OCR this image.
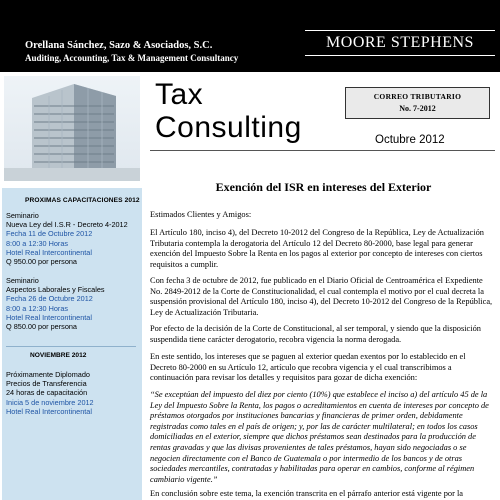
Orellana Sánchez, Sazo & Asociados, S.C.
Auditing, Accounting, Tax & Management Consultancy
MOORE STEPHENS
Tax
Consulting	Octubre 2012
CORREO TRIBUTARIO
No. 7-2012
PROXIMAS CAPACITACIONES 2012
Seminario
Nueva Ley del I.S.R - Decreto 4-2012
Fecha 11 de Octubre 2012
8:00 a 12:30 Horas
Hotel Real Intercontinental
Q 950.00 por persona
Seminario
Aspectos Laborales y Fiscales
Fecha 26 de Octubre 2012
8:00 a 12:30 Horas
Hotel Real Intercontinental
Q 850.00 por persona
NOVIEMBRE 2012
Próximamente Diplomado
Precios de Transferencia
24 horas de capacitación
Inicia 5 de noviembre 2012
Hotel Real Intercontinental
Exención del ISR en intereses del Exterior
Estimados Clientes y Amigos:
El Artículo 180, inciso 4), del Decreto 10-2012 del Congreso de la República, Ley de Actualización Tributaria contempla la derogatoria del Artículo 12 del Decreto 80-2000, base legal para generar exención del Impuesto Sobre la Renta en los pagos al exterior por concepto de intereses con ciertos requisitos a cumplir.
Con fecha 3 de octubre de 2012, fue publicado en el Diario Oficial de Centroamérica el Expediente No. 2849-2012 de la Corte de Constitucionalidad, el cual contempla el motivo por el cual decreta la suspensión provisional del Artículo 180, inciso 4), del Decreto 10-2012 del Congreso de la República, Ley de Actualización Tributaria.
Por efecto de la decisión de la Corte de Constitucional, al ser temporal, y siendo que la disposición suspendida tiene carácter derogatorio, recobra vigencia la norma derogada.
En este sentido, los intereses que se paguen al exterior quedan exentos por lo establecido en el Decreto 80-2000 en su Artículo 12, artículo que recobra vigencia y el cual transcribimos a continuación para revisar los detalles y requisitos para gozar de dicha exención:
“Se exceptúan del impuesto del diez por ciento (10%) que establece el inciso a) del artículo 45 de la Ley del Impuesto Sobre la Renta, los pagos o acreditamientos en cuenta de intereses por concepto de préstamos otorgados por instituciones bancarias y financieras de primer orden, debidamente registradas como tales en el país de origen; y, por las de carácter multilateral; en todos los casos domiciliadas en el exterior, siempre que dichos préstamos sean destinados para la producción de rentas gravadas y que las divisas provenientes de tales préstamos, hayan sido negociadas o se negocien directamente con el Banco de Guatemala o por intermedio de los bancos y de otras sociedades mercantiles, contratadas y habilitadas para operar en cambios, conforme al régimen cambiario vigente.”
En conclusión sobre este tema, la exención transcrita en el párrafo anterior está vigente por la
